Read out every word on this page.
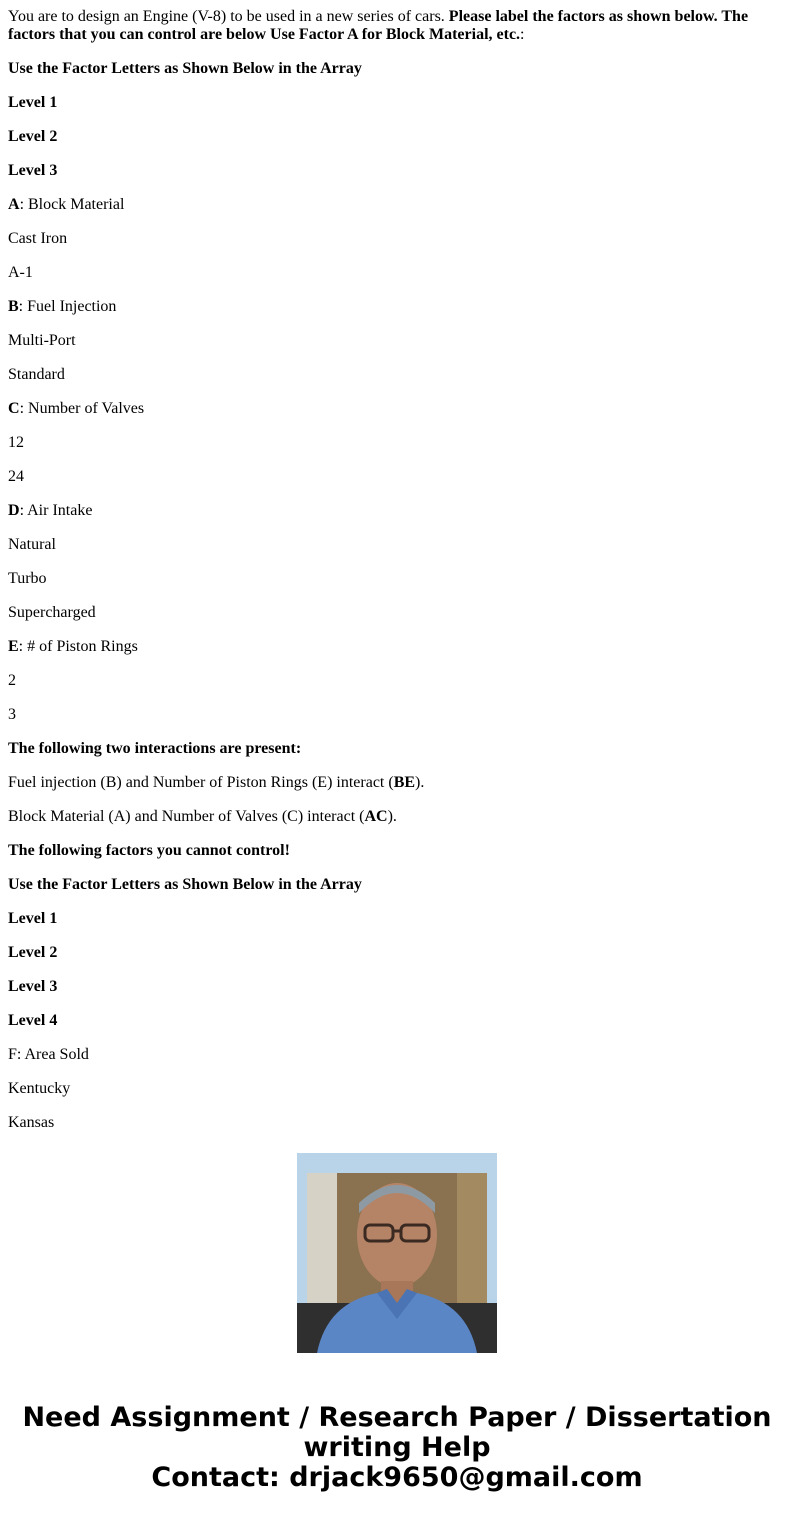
You are to design an Engine (V-8) to be used in a new series of cars. Please label the factors as shown below. The factors that you can control are below Use Factor A for Block Material, etc.:

Use the Factor Letters as Shown Below in the Array

Level 1

Level 2

Level 3

A: Block Material

Cast Iron

A-1

B: Fuel Injection

Multi-Port

Standard

C: Number of Valves

12

24

D: Air Intake

Natural

Turbo

Supercharged

E: # of Piston Rings

2

3

The following two interactions are present:

Fuel injection (B) and Number of Piston Rings (E) interact (BE).

Block Material (A) and Number of Valves (C) interact (AC).

The following factors you cannot control!

Use the Factor Letters as Shown Below in the Array

Level 1

Level 2

Level 3

Level 4

F: Area Sold

Kentucky

Kansas

Need Assignment / Research Paper / Dissertation
writing Help
Contact: drjack9650@gmail.com
